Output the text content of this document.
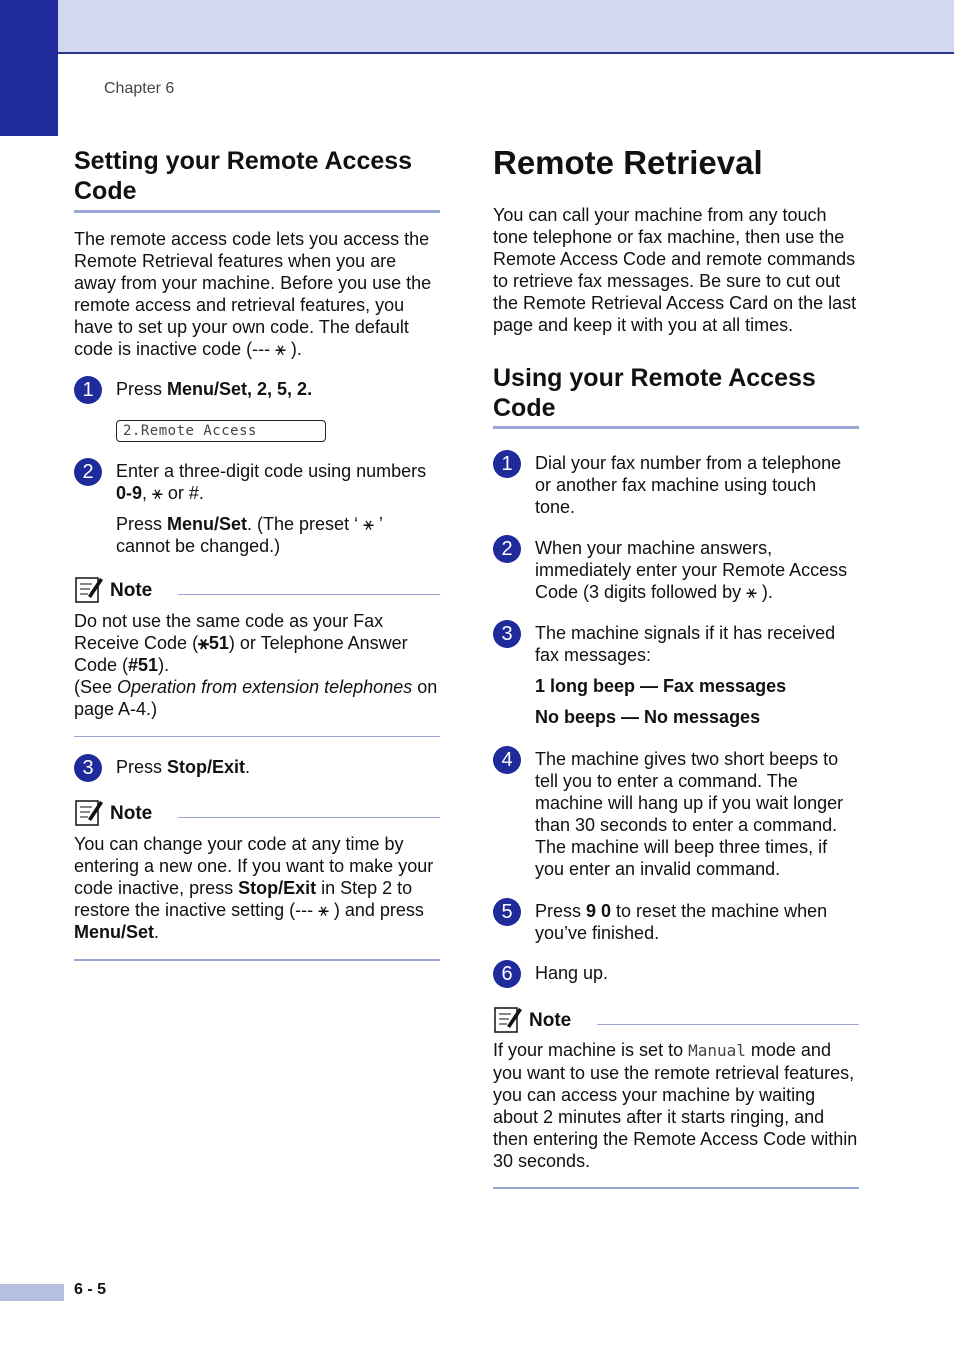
Chapter 6
Setting your Remote Access Code

The remote access code lets you access the Remote Retrieval features when you are away from your machine. Before you use the remote access and retrieval features, you have to set up your own code. The default code is inactive code (--- ⚹ ).

1	Press Menu/Set, 2, 5, 2.
2.Remote Access
2	Enter a three-digit code using numbers
0-9, ⚹ or #.
Press Menu/Set. (The preset ‘ ⚹ ’ cannot be changed.)
Note

Do not use the same code as your Fax Receive Code (⚹51) or Telephone Answer Code (#51).
(See Operation from extension telephones on page A-4.)

3	Press Stop/Exit.
Note

You can change your code at any time by entering a new one. If you want to make your code inactive, press Stop/Exit in Step 2 to restore the inactive setting (--- ⚹ ) and press Menu/Set.

Remote Retrieval

You can call your machine from any touch tone telephone or fax machine, then use the Remote Access Code and remote commands to retrieve fax messages. Be sure to cut out the Remote Retrieval Access Card on the last page and keep it with you at all times.

Using your Remote Access Code
1	Dial your fax number from a telephone or another fax machine using touch tone.
2	When your machine answers, immediately enter your Remote Access Code (3 digits followed by ⚹ ).
3	The machine signals if it has received fax messages:
1 long beep — Fax messages
No beeps — No messages
4	The machine gives two short beeps to tell you to enter a command. The machine will hang up if you wait longer than 30 seconds to enter a command. The machine will beep three times, if you enter an invalid command.
5	Press 9 0 to reset the machine when you’ve finished.
6	Hang up.
Note

If your machine is set to Manual mode and you want to use the remote retrieval features, you can access your machine by waiting about 2 minutes after it starts ringing, and then entering the Remote Access Code within 30 seconds.

6 - 5
